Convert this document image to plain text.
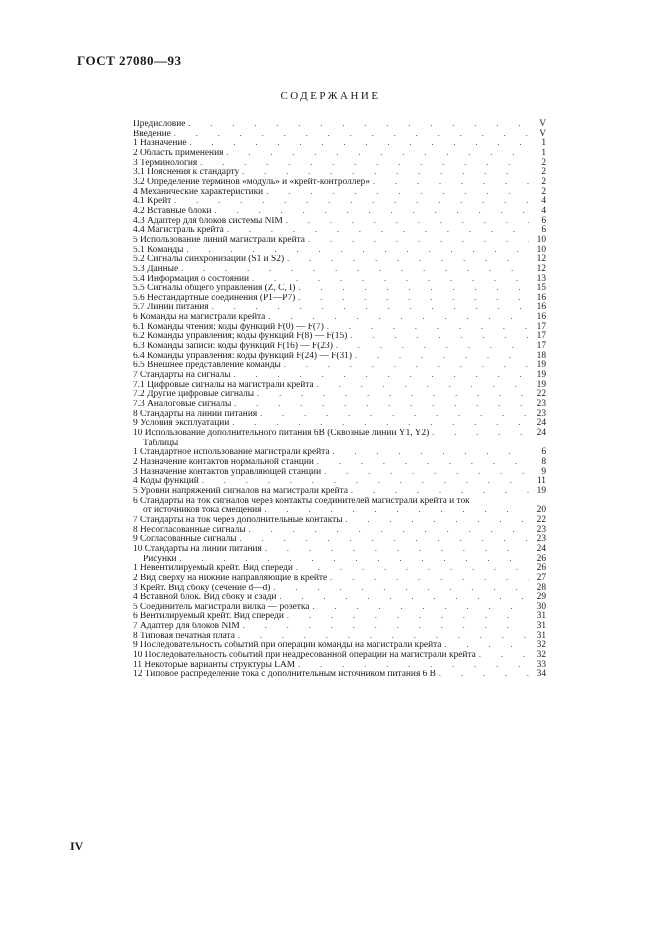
ГОСТ 27080—93
СОДЕРЖАНИЕ
Предисловие . . .	V
Введение . . .	V
1 Назначение . . .	1
2 Область применения . . .	1
3 Терминология . . .	2
3.1 Пояснения к стандарту . . .	2
3.2 Определение терминов «модуль» и «крейт-контроллер» . . .	2
4 Механические характеристики . . .	2
4.1 Крейт . . .	4
4.2 Вставные блоки . . .	4
4.3 Адаптер для блоков системы NIM . . .	6
4.4 Магистраль крейта . . .	6
5 Использование линий магистрали крейта . . .	10
5.1 Команды . . .	10
5.2 Сигналы синхронизации (S1 и S2) . . .	12
5.3 Данные . . .	12
5.4 Информация о состоянии . . .	13
5.5 Сигналы общего управления (Z, C, I) . . .	15
5.6 Нестандартные соединения (Р1—Р7) . . .	16
5.7 Линии питания . . .	16
6 Команды на магистрали крейта . . .	16
6.1 Команды чтения: коды функций F(0) — F(7) . . .	17
6.2 Команды управления; коды функций F(8) — F(15) . . .	17
6.3 Команды записи: коды функций F(16) — F(23) . . .	17
6.4 Команды управления: коды функций F(24) — F(31) . . .	18
6.5 Внешнее представление команды . . .	19
7 Стандарты на сигналы . . .	19
7.1 Цифровые сигналы на магистрали крейта . . .	19
7.2 Другие цифровые сигналы . . .	22
7.3 Аналоговые сигналы . . .	23
8 Стандарты на линии питания . . .	23
9 Условия эксплуатации . . .	24
10 Использование дополнительного питания 6В (Сквозные линии Y1, Y2) . . .	24
Таблицы
1 Стандартное использование магистрали крейта . . .	6
2 Назначение контактов нормальной станции . . .	8
3 Назначение контактов управляющей станции . . .	9
4 Коды функций . . .	11
5 Уровни напряжений сигналов на магистрали крейта . . .	19
6 Стандарты на ток сигналов через контакты соединителей магистрали крейта и ток
от источников тока смещения . . .	20
7 Стандарты на ток через дополнительные контакты . . .	22
8 Несогласованные сигналы . . .	23
9 Согласованные сигналы . . .	23
10 Стандарты на линии питания . . .	24
Рисунки . . .	26
1 Невентилируемый крейт. Вид спереди . . .	26
2 Вид сверху на нижние направляющие в крейте . . .	27
3 Крейт. Вид сбоку (сечение d—d) . . .	28
4 Вставной блок. Вид сбоку и сзади . . .	29
5 Соединитель магистрали вилка — розетка . . .	30
6 Вентилируемый крейт. Вид спереди . . .	31
7 Адаптер для блоков NIM . . .	31
8 Типовая печатная плата . . .	31
9 Последовательность событий при операции команды на магистрали крейта . . .	32
10 Последовательность событий при неадресованной операции на магистрали крейта . . .	32
11 Некоторые варианты структуры LAM . . .	33
12 Типовое распределение тока с дополнительным источником питания 6 В . . .	34
IV
